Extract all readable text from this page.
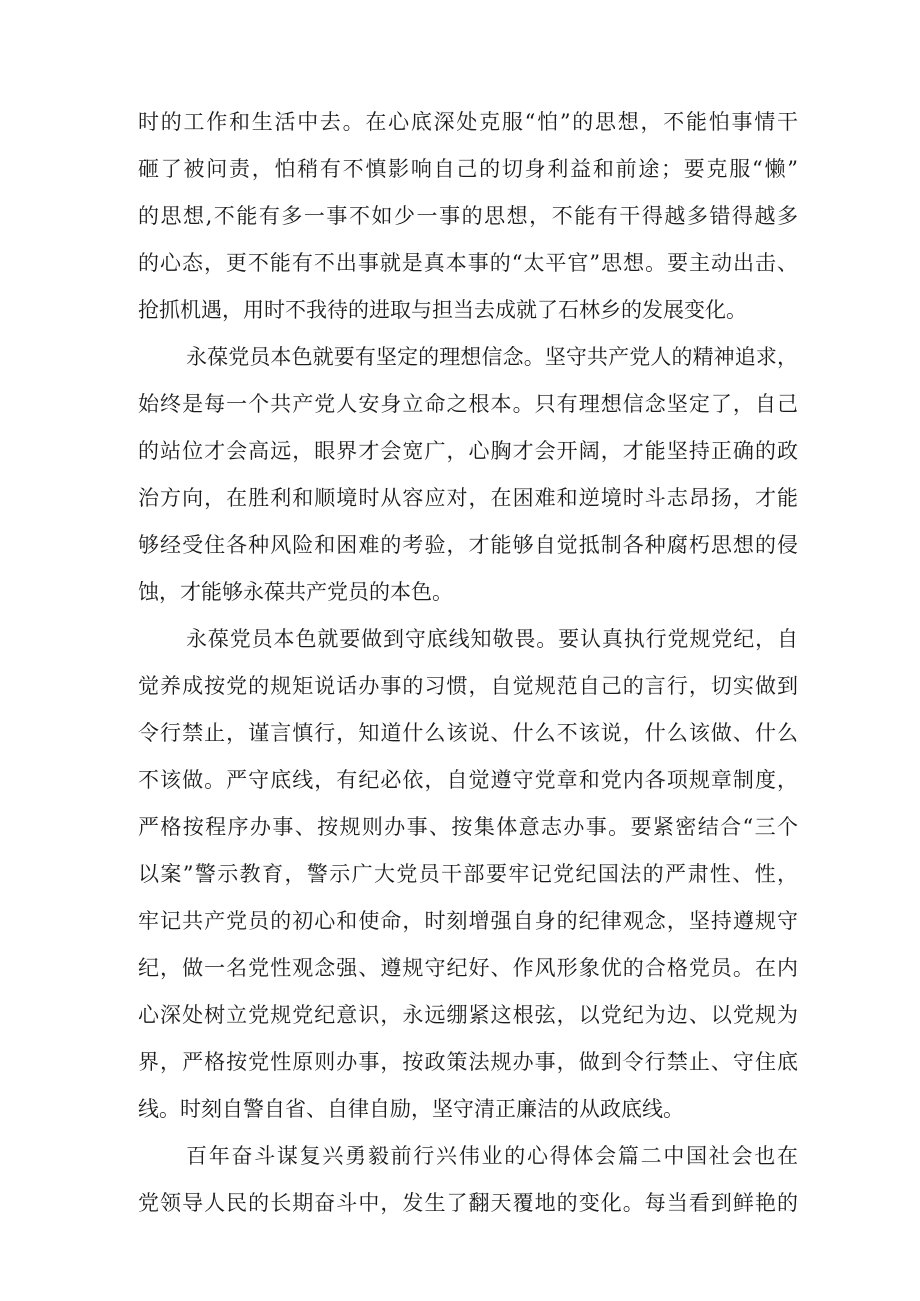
时的工作和生活中去。在心底深处克服“怕”的思想，不能怕事情干
砸了被问责，怕稍有不慎影响自己的切身利益和前途；要克服“懒”
的思想,不能有多一事不如少一事的思想，不能有干得越多错得越多
的心态，更不能有不出事就是真本事的“太平官”思想。要主动出击、
抢抓机遇，用时不我待的进取与担当去成就了石林乡的发展变化。

永葆党员本色就要有坚定的理想信念。坚守共产党人的精神追求，
始终是每一个共产党人安身立命之根本。只有理想信念坚定了，自己
的站位才会高远，眼界才会宽广，心胸才会开阔，才能坚持正确的政
治方向，在胜利和顺境时从容应对，在困难和逆境时斗志昂扬，才能
够经受住各种风险和困难的考验，才能够自觉抵制各种腐朽思想的侵
蚀，才能够永葆共产党员的本色。

永葆党员本色就要做到守底线知敬畏。要认真执行党规党纪，自
觉养成按党的规矩说话办事的习惯，自觉规范自己的言行，切实做到
令行禁止，谨言慎行，知道什么该说、什么不该说，什么该做、什么
不该做。严守底线，有纪必依，自觉遵守党章和党内各项规章制度，
严格按程序办事、按规则办事、按集体意志办事。要紧密结合“三个
以案”警示教育，警示广大党员干部要牢记党纪国法的严肃性、性，
牢记共产党员的初心和使命，时刻增强自身的纪律观念，坚持遵规守
纪，做一名党性观念强、遵规守纪好、作风形象优的合格党员。在内
心深处树立党规党纪意识，永远绷紧这根弦，以党纪为边、以党规为
界，严格按党性原则办事，按政策法规办事，做到令行禁止、守住底
线。时刻自警自省、自律自励，坚守清正廉洁的从政底线。

百年奋斗谋复兴勇毅前行兴伟业的心得体会篇二中国社会也在
党领导人民的长期奋斗中，发生了翻天覆地的变化。每当看到鲜艳的
